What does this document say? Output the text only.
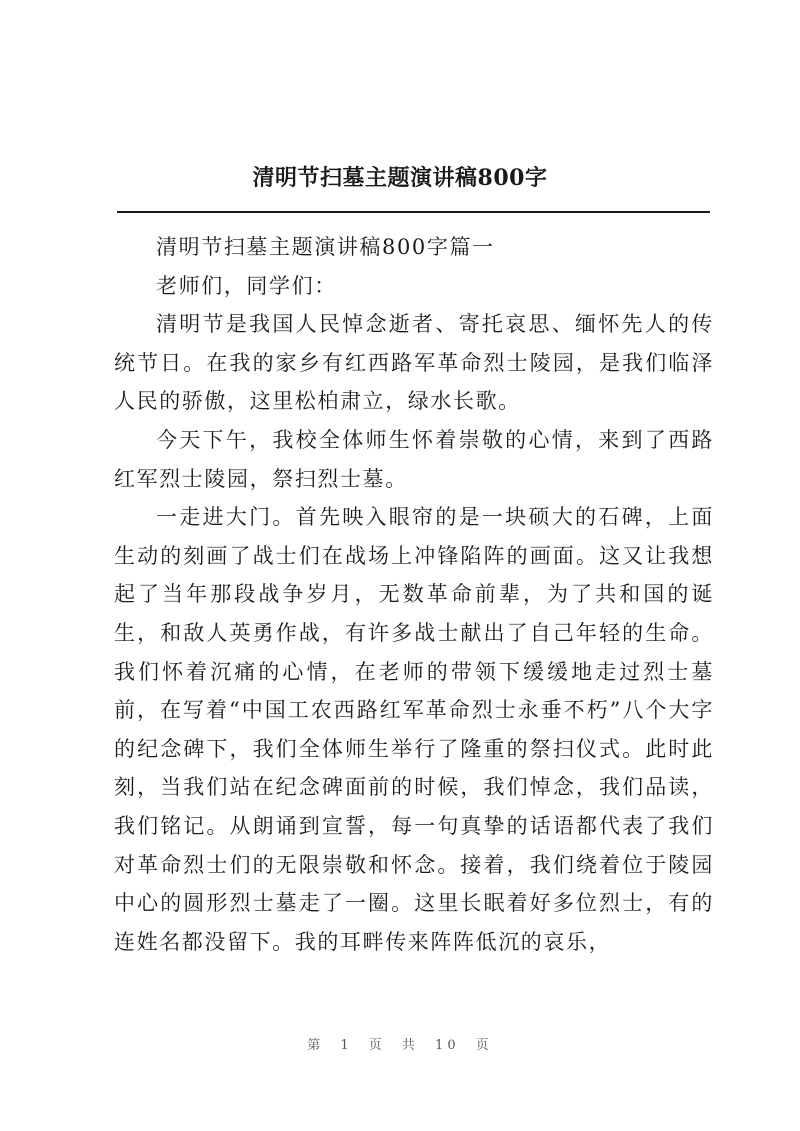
清明节扫墓主题演讲稿800字

清明节扫墓主题演讲稿800字篇一

老师们，同学们：

清明节是我国人民悼念逝者、寄托哀思、缅怀先人的传统节日。在我的家乡有红西路军革命烈士陵园，是我们临泽人民的骄傲，这里松柏肃立，绿水长歌。

今天下午，我校全体师生怀着崇敬的心情，来到了西路红军烈士陵园，祭扫烈士墓。

一走进大门。首先映入眼帘的是一块硕大的石碑，上面生动的刻画了战士们在战场上冲锋陷阵的画面。这又让我想起了当年那段战争岁月，无数革命前辈，为了共和国的诞生，和敌人英勇作战，有许多战士献出了自己年轻的生命。我们怀着沉痛的心情，在老师的带领下缓缓地走过烈士墓前，在写着“中国工农西路红军革命烈士永垂不朽”八个大字的纪念碑下，我们全体师生举行了隆重的祭扫仪式。此时此刻，当我们站在纪念碑面前的时候，我们悼念，我们品读，我们铭记。从朗诵到宣誓，每一句真挚的话语都代表了我们对革命烈士们的无限崇敬和怀念。接着，我们绕着位于陵园中心的圆形烈士墓走了一圈。这里长眠着好多位烈士，有的连姓名都没留下。我的耳畔传来阵阵低沉的哀乐，

第 1 页 共 10 页
